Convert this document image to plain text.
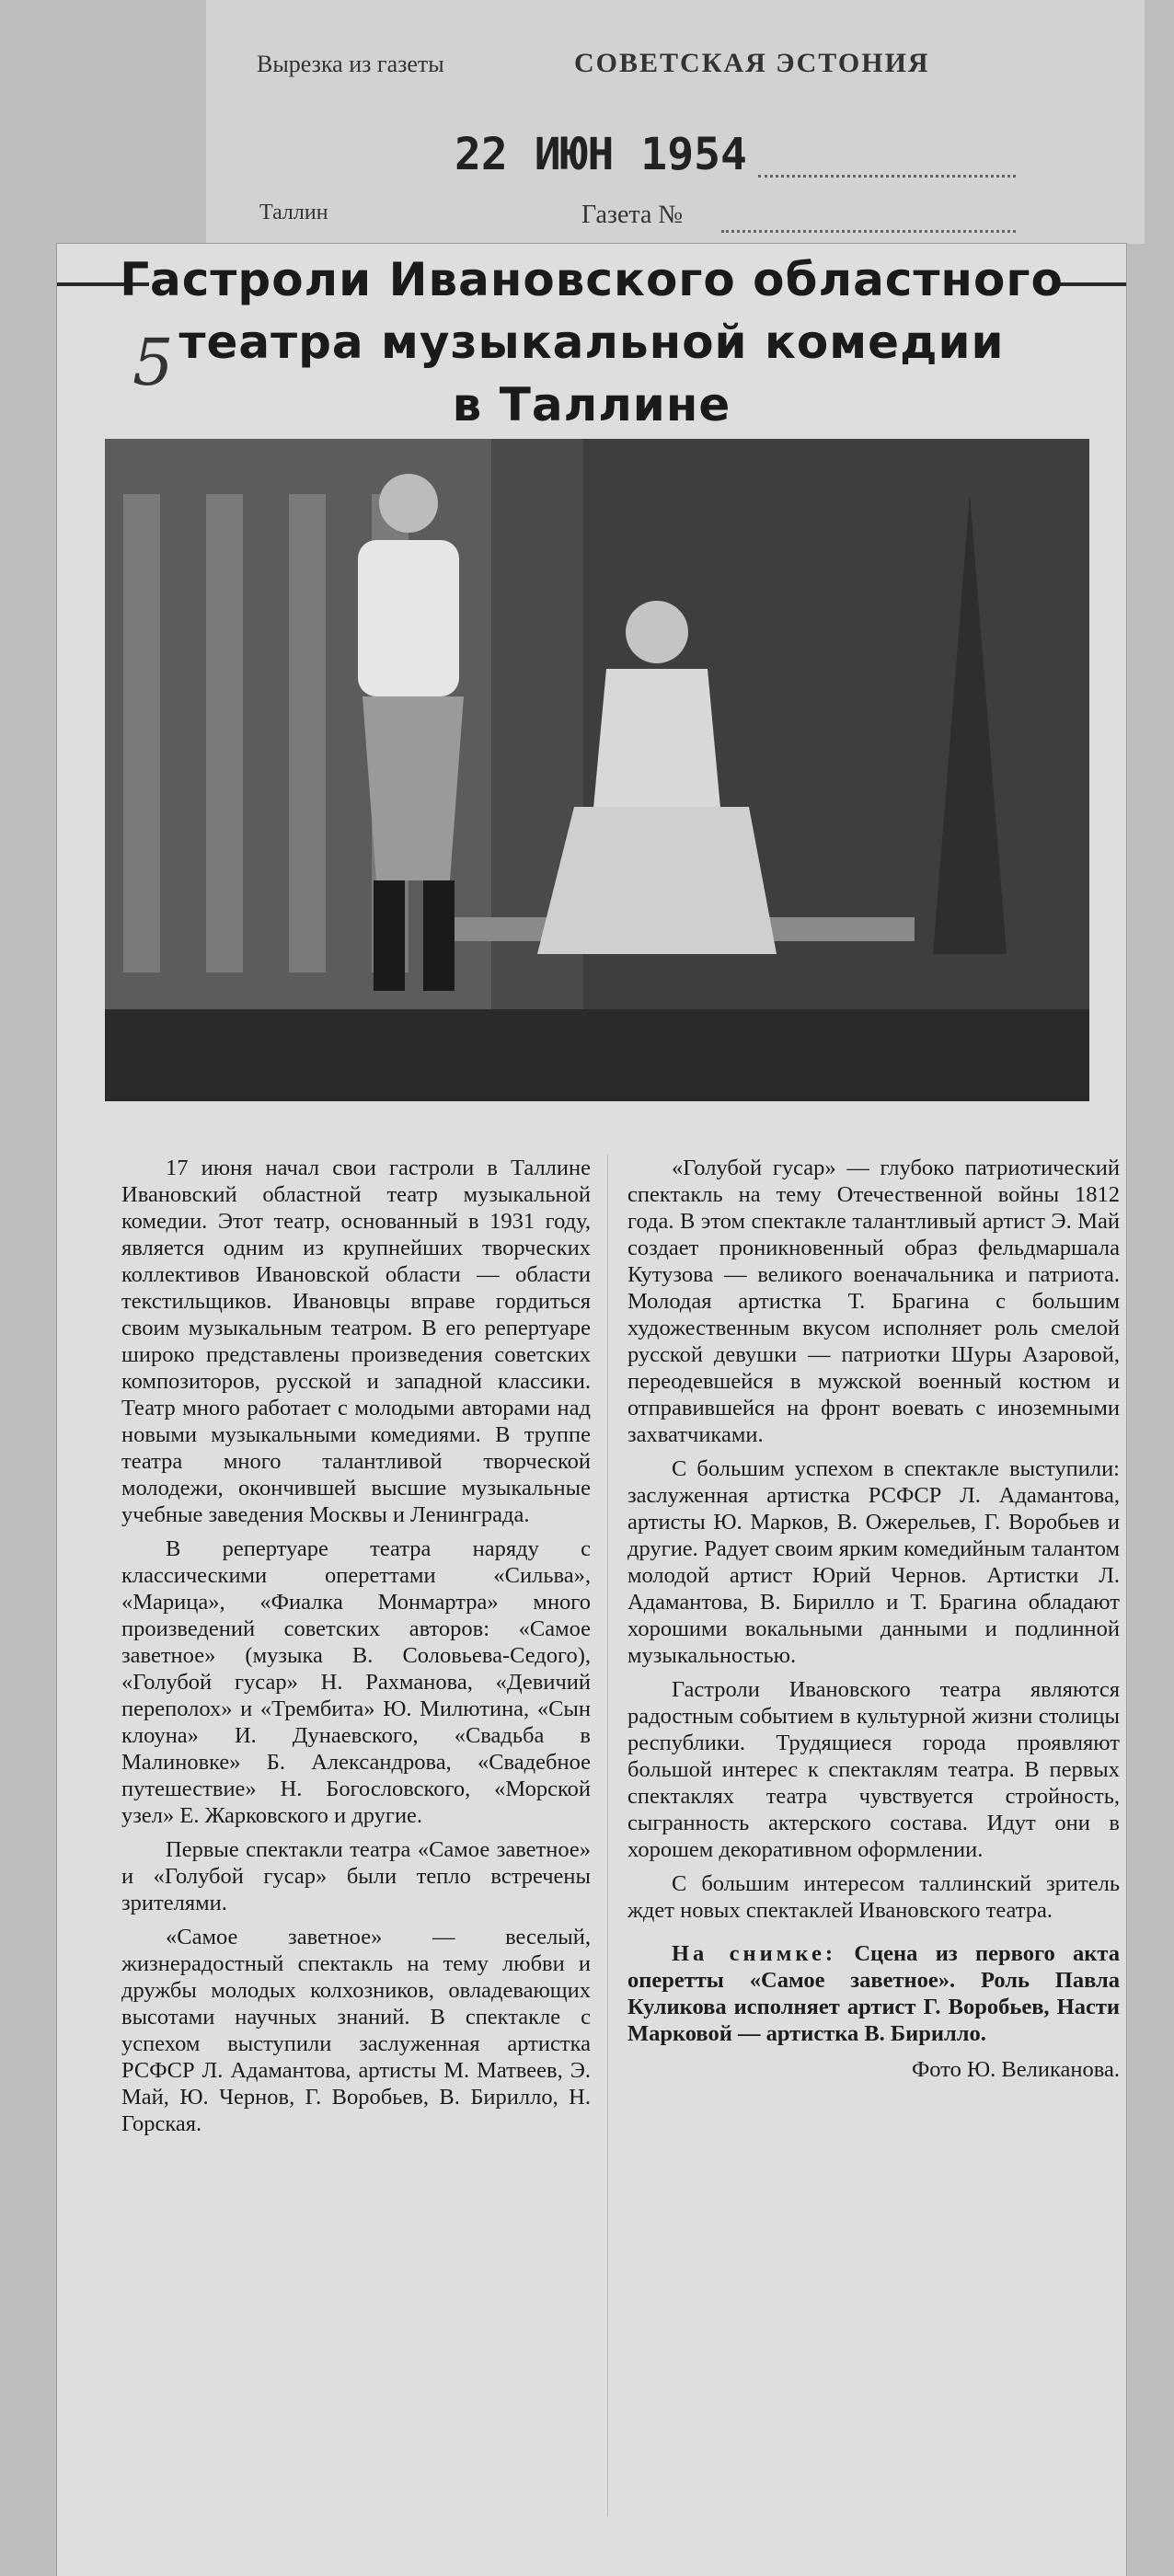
Вырезка из газеты	СОВЕТСКАЯ ЭСТОНИЯ
22 ИЮН 1954
Таллин	Газета №
5
Гастроли Ивановского областного
театра музыкальной комедии
в Таллине

17 июня начал свои гастроли в Таллине Ивановский областной театр музыкальной комедии. Этот театр, основанный в 1931 году, является одним из крупнейших творческих коллективов Ивановской области — области текстильщиков. Ивановцы вправе гордиться своим музыкальным театром. В его репертуаре широко представлены произведения советских композиторов, русской и западной классики. Театр много работает с молодыми авторами над новыми музыкальными комедиями. В труппе театра много талантливой творческой молодежи, окончившей высшие музыкальные учебные заведения Москвы и Ленинграда.

В репертуаре театра наряду с классическими опереттами «Сильва», «Марица», «Фиалка Монмартра» много произведений советских авторов: «Самое заветное» (музыка В. Соловьева-Седого), «Голубой гусар» Н. Рахманова, «Девичий переполох» и «Трембита» Ю. Милютина, «Сын клоуна» И. Дунаевского, «Свадьба в Малиновке» Б. Александрова, «Свадебное путешествие» Н. Богословского, «Морской узел» Е. Жарковского и другие.

Первые спектакли театра «Самое заветное» и «Голубой гусар» были тепло встречены зрителями.

«Самое заветное» — веселый, жизнерадостный спектакль на тему любви и дружбы молодых колхозников, овладевающих высотами научных знаний. В спектакле с успехом выступили заслуженная артистка РСФСР Л. Адамантова, артисты М. Матвеев, Э. Май, Ю. Чернов, Г. Воробьев, В. Бирилло, Н. Горская.

«Голубой гусар» — глубоко патриотический спектакль на тему Отечественной войны 1812 года. В этом спектакле талантливый артист Э. Май создает проникновенный образ фельдмаршала Кутузова — великого военачальника и патриота. Молодая артистка Т. Брагина с большим художественным вкусом исполняет роль смелой русской девушки — патриотки Шуры Азаровой, переодевшейся в мужской военный костюм и отправившейся на фронт воевать с иноземными захватчиками.

С большим успехом в спектакле выступили: заслуженная артистка РСФСР Л. Адамантова, артисты Ю. Марков, В. Ожерельев, Г. Воробьев и другие. Радует своим ярким комедийным талантом молодой артист Юрий Чернов. Артистки Л. Адамантова, В. Бирилло и Т. Брагина обладают хорошими вокальными данными и подлинной музыкальностью.

Гастроли Ивановского театра являются радостным событием в культурной жизни столицы республики. Трудящиеся города проявляют большой интерес к спектаклям театра. В первых спектаклях театра чувствуется стройность, сыгранность актерского состава. Идут они в хорошем декоративном оформлении.

С большим интересом таллинский зритель ждет новых спектаклей Ивановского театра.

На снимке: Сцена из первого акта оперетты «Самое заветное». Роль Павла Куликова исполняет артист Г. Воробьев, Насти Марковой — артистка В. Бирилло.

Фото Ю. Великанова.
